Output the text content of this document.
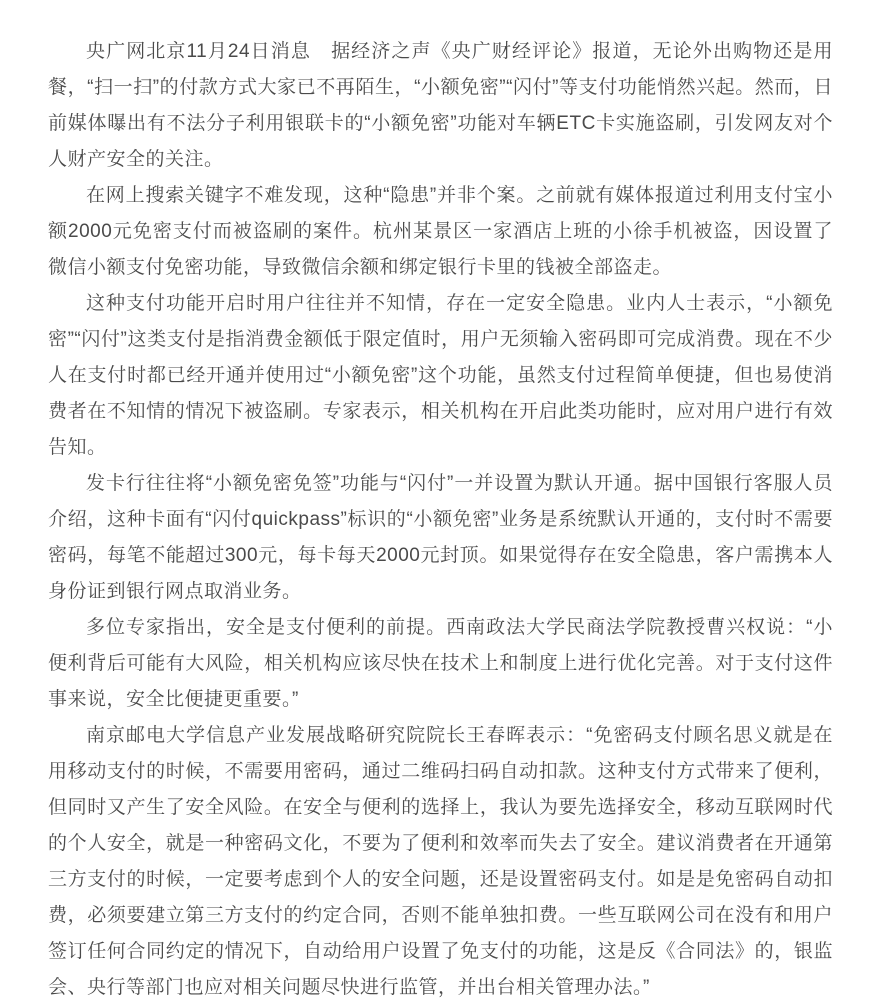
央广网北京11月24日消息　据经济之声《央广财经评论》报道，无论外出购物还是用餐，“扫一扫”的付款方式大家已不再陌生，“小额免密”“闪付”等支付功能悄然兴起。然而，日前媒体曝出有不法分子利用银联卡的“小额免密”功能对车辆ETC卡实施盗刷，引发网友对个人财产安全的关注。

在网上搜索关键字不难发现，这种“隐患”并非个案。之前就有媒体报道过利用支付宝小额2000元免密支付而被盗刷的案件。杭州某景区一家酒店上班的小徐手机被盗，因设置了微信小额支付免密功能，导致微信余额和绑定银行卡里的钱被全部盗走。

这种支付功能开启时用户往往并不知情，存在一定安全隐患。业内人士表示，“小额免密”“闪付”这类支付是指消费金额低于限定值时，用户无须输入密码即可完成消费。现在不少人在支付时都已经开通并使用过“小额免密”这个功能，虽然支付过程简单便捷，但也易使消费者在不知情的情况下被盗刷。专家表示，相关机构在开启此类功能时，应对用户进行有效告知。

发卡行往往将“小额免密免签”功能与“闪付”一并设置为默认开通。据中国银行客服人员介绍，这种卡面有“闪付quickpass”标识的“小额免密”业务是系统默认开通的，支付时不需要密码，每笔不能超过300元，每卡每天2000元封顶。如果觉得存在安全隐患，客户需携本人身份证到银行网点取消业务。

多位专家指出，安全是支付便利的前提。西南政法大学民商法学院教授曹兴权说：“小便利背后可能有大风险，相关机构应该尽快在技术上和制度上进行优化完善。对于支付这件事来说，安全比便捷更重要。”

南京邮电大学信息产业发展战略研究院院长王春晖表示：“免密码支付顾名思义就是在用移动支付的时候，不需要用密码，通过二维码扫码自动扣款。这种支付方式带来了便利，但同时又产生了安全风险。在安全与便利的选择上，我认为要先选择安全，移动互联网时代的个人安全，就是一种密码文化，不要为了便利和效率而失去了安全。建议消费者在开通第三方支付的时候，一定要考虑到个人的安全问题，还是设置密码支付。如是是免密码自动扣费，必须要建立第三方支付的约定合同，否则不能单独扣费。一些互联网公司在没有和用户签订任何合同约定的情况下，自动给用户设置了免支付的功能，这是反《合同法》的，银监会、央行等部门也应对相关问题尽快进行监管，并出台相关管理办法。”
